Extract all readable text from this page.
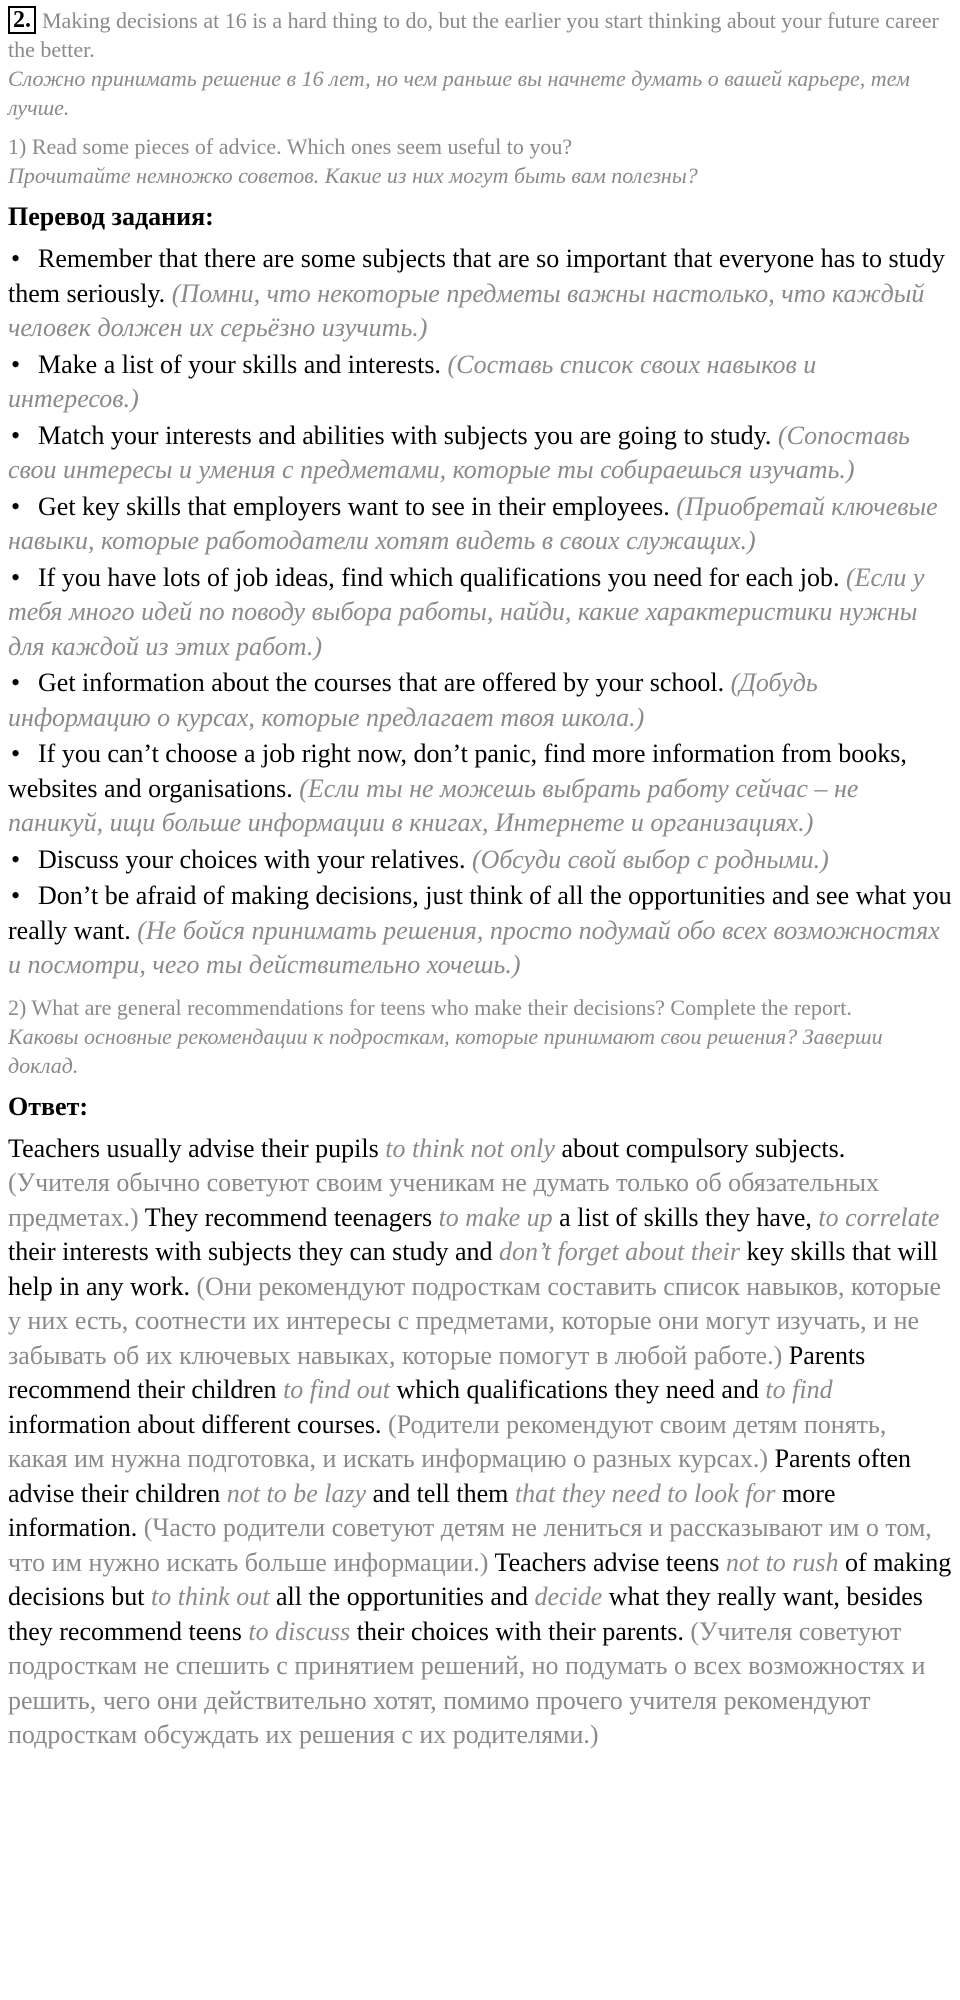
2. Making decisions at 16 is a hard thing to do, but the earlier you start thinking about your future career the better.
Сложно принимать решение в 16 лет, но чем раньше вы начнете думать о вашей карьере, тем лучше.
1) Read some pieces of advice. Which ones seem useful to you?
Прочитайте немножко советов. Какие из них могут быть вам полезны?
Перевод задания:
• Remember that there are some subjects that are so important that everyone has to study them seriously. (Помни, что некоторые предметы важны настолько, что каждый человек должен их серьёзно изучить.)
• Make a list of your skills and interests. (Составь список своих навыков и интересов.)
• Match your interests and abilities with subjects you are going to study. (Сопоставь свои интересы и умения с предметами, которые ты собираешься изучать.)
• Get key skills that employers want to see in their employees. (Приобретай ключевые навыки, которые работодатели хотят видеть в своих служащих.)
• If you have lots of job ideas, find which qualifications you need for each job. (Если у тебя много идей по поводу выбора работы, найди, какие характеристики нужны для каждой из этих работ.)
• Get information about the courses that are offered by your school. (Добудь информацию о курсах, которые предлагает твоя школа.)
• If you can’t choose a job right now, don’t panic, find more information from books, websites and organisations. (Если ты не можешь выбрать работу сейчас – не паникуй, ищи больше информации в книгах, Интернете и организациях.)
• Discuss your choices with your relatives. (Обсуди свой выбор с родными.)
• Don’t be afraid of making decisions, just think of all the opportunities and see what you really want. (Не бойся принимать решения, просто подумай обо всех возможностях и посмотри, чего ты действительно хочешь.)
2) What are general recommendations for teens who make their decisions? Complete the report.
Каковы основные рекомендации к подросткам, которые принимают свои решения? Заверши доклад.
Ответ:
Teachers usually advise their pupils to think not only about compulsory subjects. (Учителя обычно советуют своим ученикам не думать только об обязательных предметах.) They recommend teenagers to make up a list of skills they have, to correlate their interests with subjects they can study and don’t forget about their key skills that will help in any work. (Они рекомендуют подросткам составить список навыков, которые у них есть, соотнести их интересы с предметами, которые они могут изучать, и не забывать об их ключевых навыках, которые помогут в любой работе.) Parents recommend their children to find out which qualifications they need and to find information about different courses. (Родители рекомендуют своим детям понять, какая им нужна подготовка, и искать информацию о разных курсах.) Parents often advise their children not to be lazy and tell them that they need to look for more information. (Часто родители советуют детям не лениться и рассказывают им о том, что им нужно искать больше информации.) Teachers advise teens not to rush of making decisions but to think out all the opportunities and decide what they really want, besides they recommend teens to discuss their choices with their parents. (Учителя советуют подросткам не спешить с принятием решений, но подумать о всех возможностях и решить, чего они действительно хотят, помимо прочего учителя рекомендуют подросткам обсуждать их решения с их родителями.)
